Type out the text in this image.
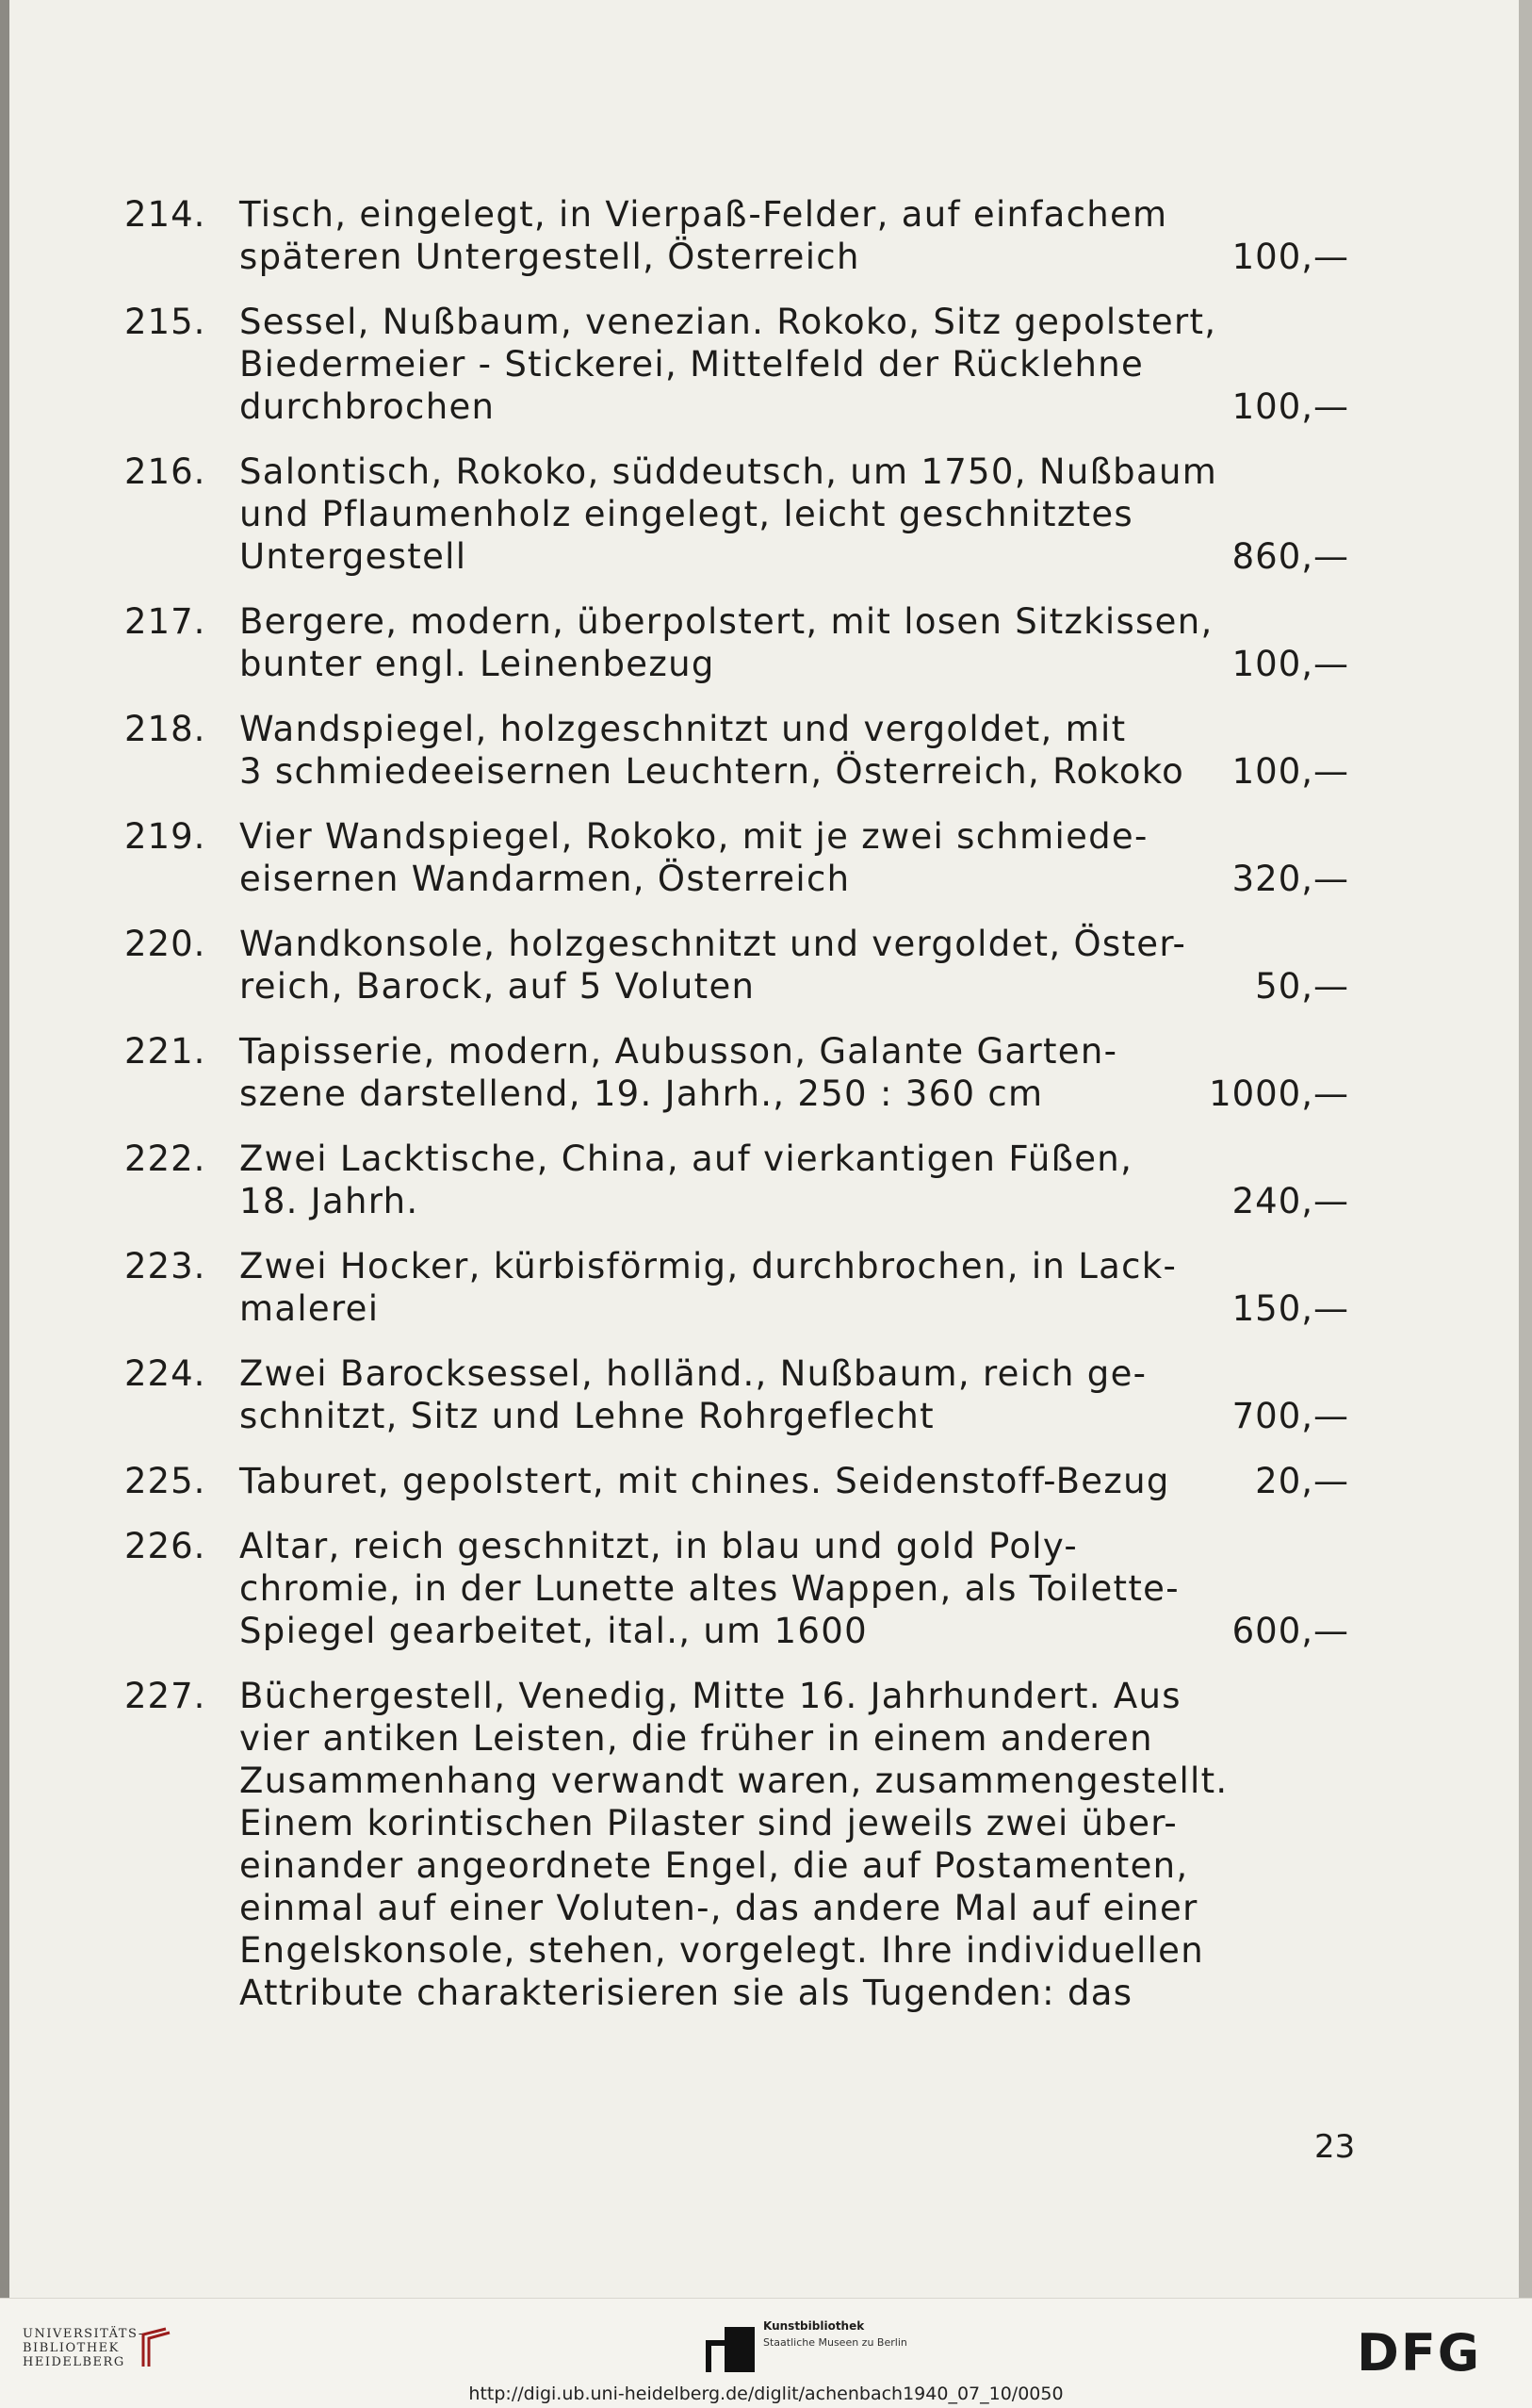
214. Tisch, eingelegt, in Vierpaß-Felder, auf einfachem
späteren Untergestell, Österreich	100,—
215. Sessel, Nußbaum, venezian. Rokoko, Sitz gepolstert,
Biedermeier - Stickerei, Mittelfeld der Rücklehne
durchbrochen	100,—
216. Salontisch, Rokoko, süddeutsch, um 1750, Nußbaum
und Pflaumenholz eingelegt, leicht geschnitztes
Untergestell	860,—
217. Bergere, modern, überpolstert, mit losen Sitzkissen,
bunter engl. Leinenbezug	100,—
218. Wandspiegel, holzgeschnitzt und vergoldet, mit
3 schmiedeeisernen Leuchtern, Österreich, Rokoko	100,—
219. Vier Wandspiegel, Rokoko, mit je zwei schmiede-
eisernen Wandarmen, Österreich	320,—
220. Wandkonsole, holzgeschnitzt und vergoldet, Öster-
reich, Barock, auf 5 Voluten	50,—
221. Tapisserie, modern, Aubusson, Galante Garten-
szene darstellend, 19. Jahrh., 250 : 360 cm	1000,—
222. Zwei Lacktische, China, auf vierkantigen Füßen,
18. Jahrh.	240,—
223. Zwei Hocker, kürbisförmig, durchbrochen, in Lack-
malerei	150,—
224. Zwei Barocksessel, holländ., Nußbaum, reich ge-
schnitzt, Sitz und Lehne Rohrgeflecht	700,—
225. Taburet, gepolstert, mit chines. Seidenstoff-Bezug	20,—
226. Altar, reich geschnitzt, in blau und gold Poly-
chromie, in der Lunette altes Wappen, als Toilette-
Spiegel gearbeitet, ital., um 1600	600,—
227. Büchergestell, Venedig, Mitte 16. Jahrhundert. Aus
vier antiken Leisten, die früher in einem anderen
Zusammenhang verwandt waren, zusammengestellt.
Einem korintischen Pilaster sind jeweils zwei über-
einander angeordnete Engel, die auf Postamenten,
einmal auf einer Voluten-, das andere Mal auf einer
Engelskonsole, stehen, vorgelegt. Ihre individuellen
Attribute charakterisieren sie als Tugenden: das
23
UNIVERSITÄTS-
BIBLIOTHEK
HEIDELBERG
Kunstbibliothek
Staatliche Museen zu Berlin	DFG
http://digi.ub.uni-heidelberg.de/diglit/achenbach1940_07_10/0050
